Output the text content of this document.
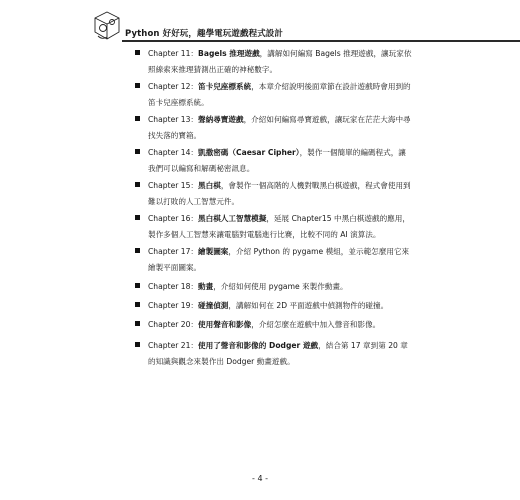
Python 好好玩，趣學電玩遊戲程式設計
Chapter 11：Bagels 推理遊戲，講解如何編寫 Bagels 推理遊戲，讓玩家依照線索來推理猜測出正確的神秘數字。
Chapter 12：笛卡兒座標系統，本章介紹說明後面章節在設計遊戲時會用到的笛卡兒座標系統。
Chapter 13：聲納尋寶遊戲，介紹如何編寫尋寶遊戲，讓玩家在茫茫大海中尋找失落的寶箱。
Chapter 14：凱撒密碼（Caesar Cipher），製作一個簡單的編碼程式，讓我們可以編寫和解碼秘密訊息。
Chapter 15：黑白棋，會製作一個高階的人機對戰黑白棋遊戲，程式會使用到難以打敗的人工智慧元件。
Chapter 16：黑白棋人工智慧模擬，延展 Chapter15 中黑白棋遊戲的應用，製作多個人工智慧來讓電腦對電腦進行比賽，比較不同的 AI 演算法。
Chapter 17：繪製圖案，介紹 Python 的 pygame 模組，並示範怎麼用它來繪製平面圖案。
Chapter 18：動畫，介紹如何使用 pygame 來製作動畫。
Chapter 19：碰撞偵測，講解如何在 2D 平面遊戲中偵測物件的碰撞。
Chapter 20：使用聲音和影像，介紹怎麼在遊戲中加入聲音和影像。
Chapter 21：使用了聲音和影像的 Dodger 遊戲，結合第 17 章到第 20 章的知識與觀念來製作出 Dodger 動畫遊戲。
- 4 -
